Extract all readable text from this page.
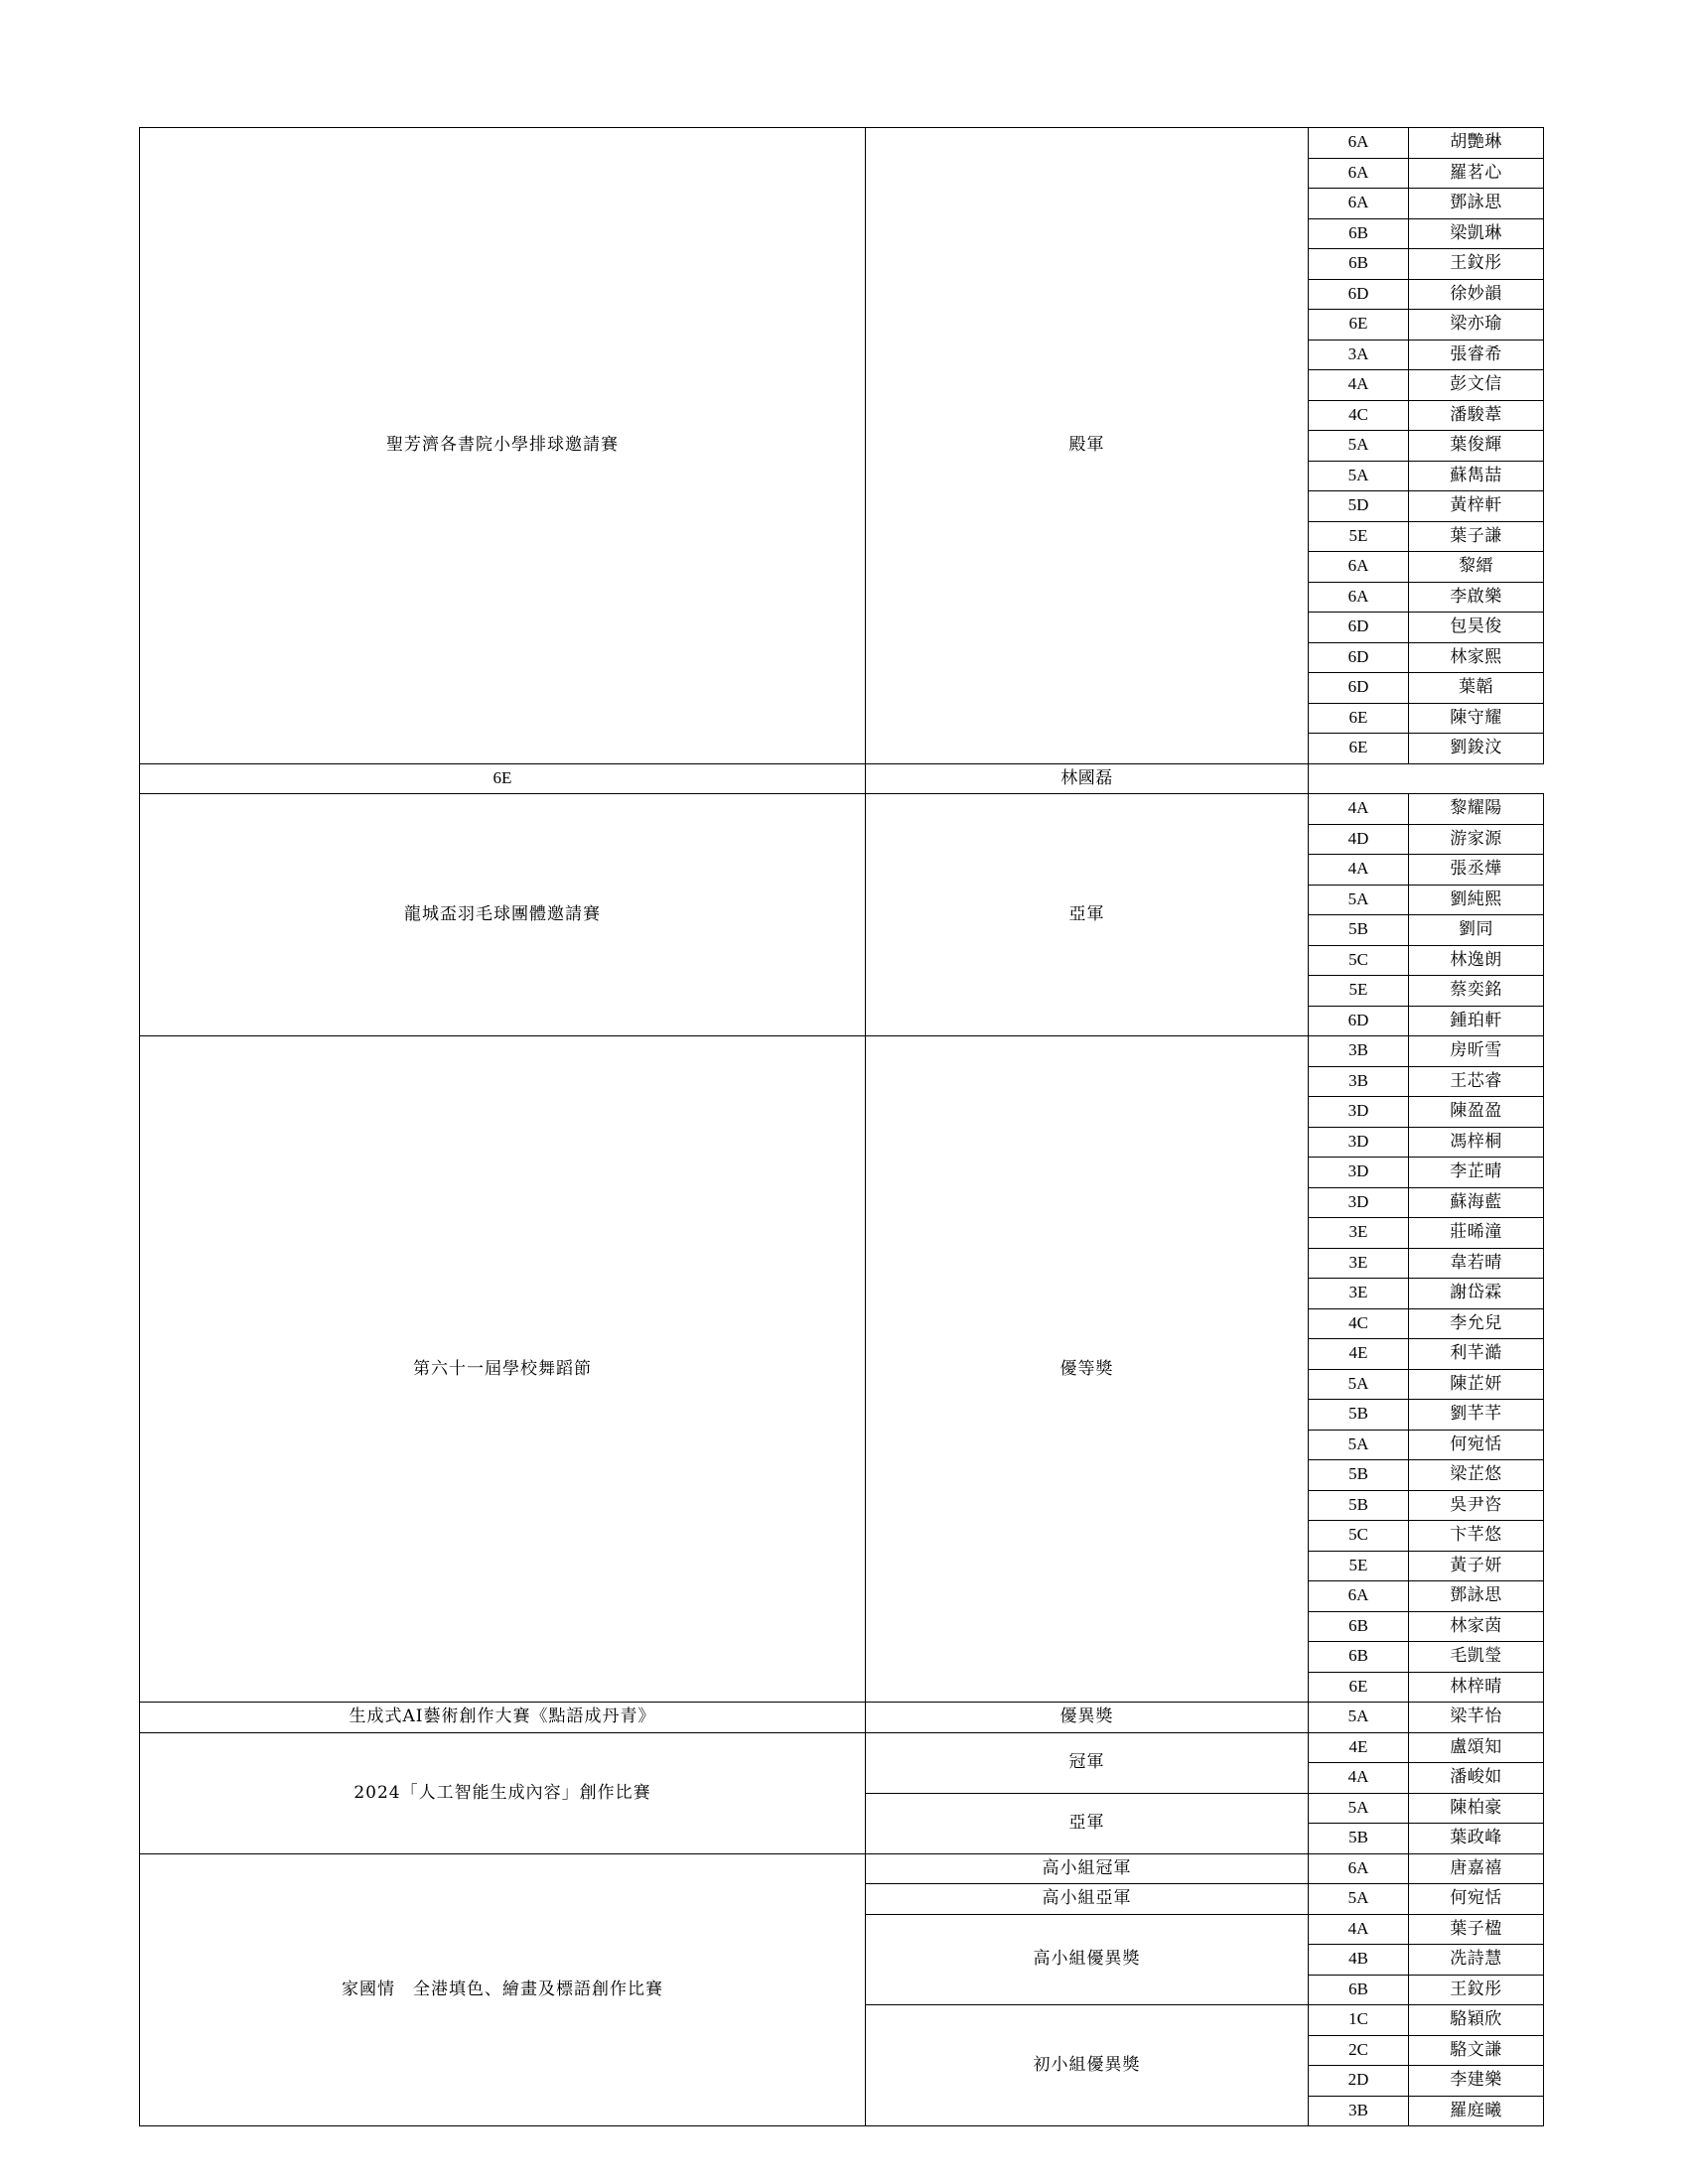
聖芳濟各書院小學排球邀請賽	殿軍	6A	胡艷琳

		6A	羅茗心

		6A	鄧詠思

		6B	梁凱琳

		6B	王鈫彤

		6D	徐妙韻

		6E	梁亦瑜

		3A	張睿希

		4A	彭文信

		4C	潘駿葦

		5A	葉俊輝

		5A	蘇雋喆

		5D	黃梓軒

		5E	葉子謙

		6A	黎縉

		6A	李啟樂

		6D	包昊俊

		6D	林家熙

		6D	葉韜

		6E	陳守耀

		6E	劉鋑汶

6E	林國磊		

龍城盃羽毛球團體邀請賽	亞軍	4A	黎耀陽

		4D	游家源

		4A	張丞燁

		5A	劉純熙

		5B	劉同

		5C	林逸朗

		5E	蔡奕銘

		6D	鍾珀軒

第六十一屆學校舞蹈節	優等獎	3B	房昕雪

		3B	王芯睿

		3D	陳盈盈

		3D	馮梓桐

		3D	李芷晴

		3D	蘇海藍

		3E	莊晞潼

		3E	韋若晴

		3E	謝岱霖

		4C	李允兒

		4E	利芊澔

		5A	陳芷妍

		5B	劉芊芊

		5A	何宛恬

		5B	梁芷悠

		5B	吳尹咨

		5C	卞芊悠

		5E	黃子妍

		6A	鄧詠思

		6B	林家茵

		6B	毛凱瑩

		6E	林梓晴

生成式AI藝術創作大賽《點語成丹青》	優異獎	5A	梁芊怡

2024「人工智能生成內容」創作比賽	冠軍	4E	盧頌知

		4A	潘峻如

	亞軍	5A	陳柏豪

		5B	葉政峰

家國情　全港填色、繪畫及標語創作比賽	高小組冠軍	6A	唐嘉禧

	高小組亞軍	5A	何宛恬

	高小組優異獎	4A	葉子楹

		4B	冼詩慧

		6B	王鈫彤

	初小組優異獎	1C	駱穎欣

		2C	駱文謙

		2D	李建樂

		3B	羅庭曦
